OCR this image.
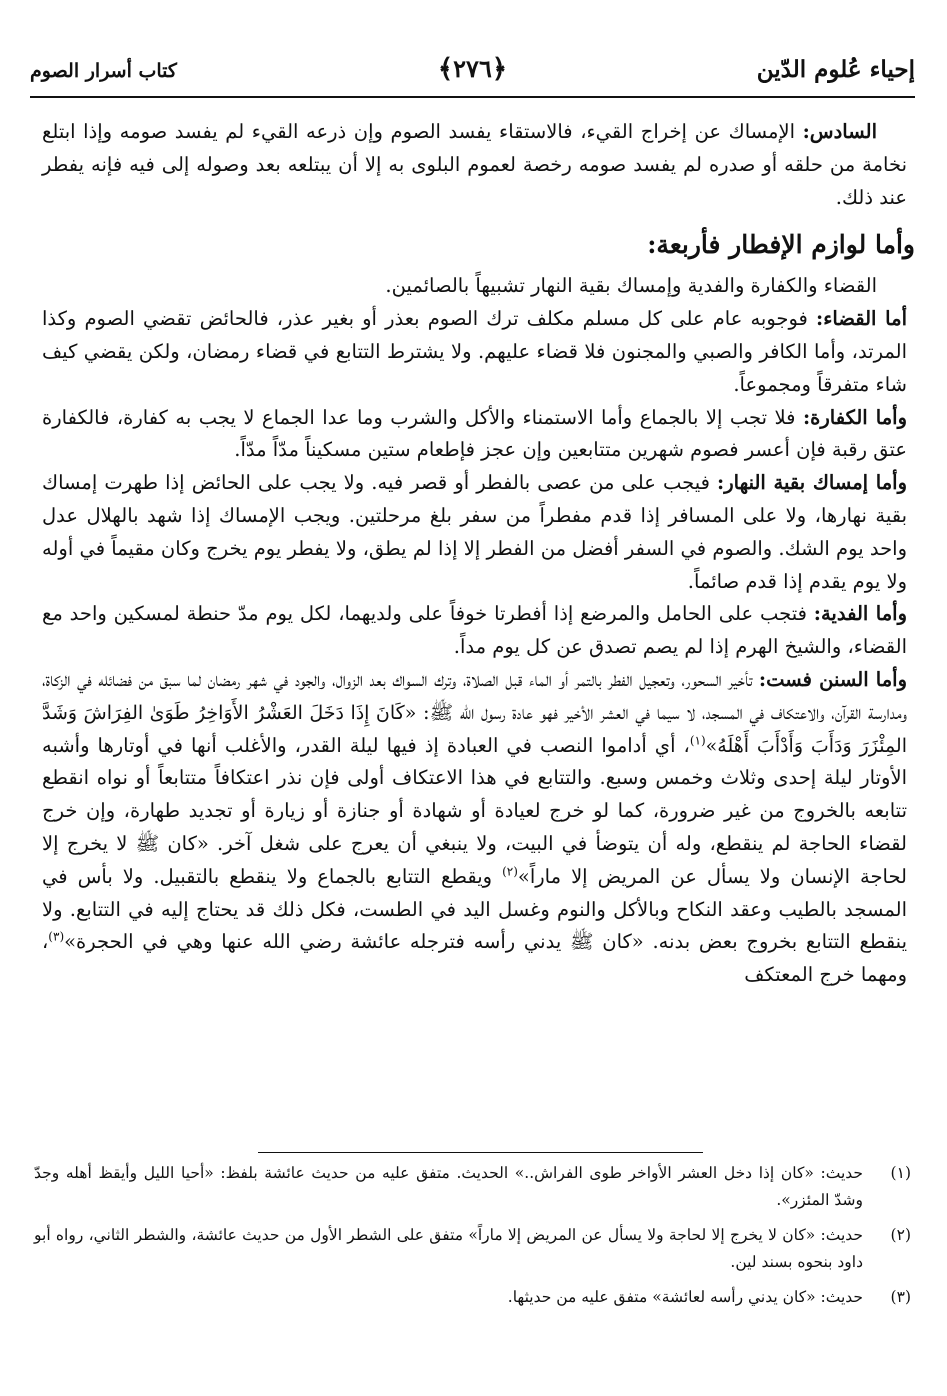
إحياء عُلوم الدّين
﴿٢٧٦﴾
كتاب أسرار الصوم

السادس: الإمساك عن إخراج القيء، فالاستقاء يفسد الصوم وإن ذرعه القيء لم يفسد صومه وإذا ابتلع نخامة من حلقه أو صدره لم يفسد صومه رخصة لعموم البلوى به إلا أن يبتلعه بعد وصوله إلى فيه فإنه يفطر عند ذلك.

وأما لوازم الإفطار فأربعة:

القضاء والكفارة والفدية وإمساك بقية النهار تشبيهاً بالصائمين.

أما القضاء: فوجوبه عام على كل مسلم مكلف ترك الصوم بعذر أو بغير عذر، فالحائض تقضي الصوم وكذا المرتد، وأما الكافر والصبي والمجنون فلا قضاء عليهم. ولا يشترط التتابع في قضاء رمضان، ولكن يقضي كيف شاء متفرقاً ومجموعاً.

وأما الكفارة: فلا تجب إلا بالجماع وأما الاستمناء والأكل والشرب وما عدا الجماع لا يجب به كفارة، فالكفارة عتق رقبة فإن أعسر فصوم شهرين متتابعين وإن عجز فإطعام ستين مسكيناً مدّاً مدّاً.

وأما إمساك بقية النهار: فيجب على من عصى بالفطر أو قصر فيه. ولا يجب على الحائض إذا طهرت إمساك بقية نهارها، ولا على المسافر إذا قدم مفطراً من سفر بلغ مرحلتين. ويجب الإمساك إذا شهد بالهلال عدل واحد يوم الشك. والصوم في السفر أفضل من الفطر إلا إذا لم يطق، ولا يفطر يوم يخرج وكان مقيماً في أوله ولا يوم يقدم إذا قدم صائماً.

وأما الفدية: فتجب على الحامل والمرضع إذا أفطرتا خوفاً على ولديهما، لكل يوم مدّ حنطة لمسكين واحد مع القضاء، والشيخ الهرم إذا لم يصم تصدق عن كل يوم مداً.

وأما السنن فست: تأخير السحور، وتعجيل الفطر بالتمر أو الماء قبل الصلاة، وترك السواك بعد الزوال، والجود في شهر رمضان لما سبق من فضائله في الزكاة، ومدارسة القرآن، والاعتكاف في المسجد، لا سيما في العشر الأخير فهو عادة رسول الله ﷺ: «كَانَ إِذَا دَخَلَ العَشْرُ الأَوَاخِرُ طَوَىٰ الفِرَاشَ وَشَدَّ المِئْزَرَ وَدَأَبَ وَأَدْأَبَ أَهْلَهُ»$^{(١)}$، أي أداموا النصب في العبادة إذ فيها ليلة القدر، والأغلب أنها في أوتارها وأشبه الأوتار ليلة إحدى وثلاث وخمس وسبع. والتتابع في هذا الاعتكاف أولى فإن نذر اعتكافاً متتابعاً أو نواه انقطع تتابعه بالخروج من غير ضرورة، كما لو خرج لعيادة أو شهادة أو جنازة أو زيارة أو تجديد طهارة، وإن خرج لقضاء الحاجة لم ينقطع، وله أن يتوضأ في البيت، ولا ينبغي أن يعرج على شغل آخر. «كان ﷺ لا يخرج إلا لحاجة الإنسان ولا يسأل عن المريض إلا ماراً»$^{(٢)}$ ويقطع التتابع بالجماع ولا ينقطع بالتقبيل. ولا بأس في المسجد بالطيب وعقد النكاح وبالأكل والنوم وغسل اليد في الطست، فكل ذلك قد يحتاج إليه في التتابع. ولا ينقطع التتابع بخروج بعض بدنه. «كان ﷺ يدني رأسه فترجله عائشة رضي الله عنها وهي في الحجرة»$^{(٣)}$، ومهما خرج المعتكف

(١)
حديث: «كان إذا دخل العشر الأواخر طوى الفراش..» الحديث. متفق عليه من حديث عائشة بلفظ: «أحيا الليل وأيقظ أهله وجدّ وشدّ المئزر».
(٢)
حديث: «كان لا يخرج إلا لحاجة ولا يسأل عن المريض إلا ماراً» متفق على الشطر الأول من حديث عائشة، والشطر الثاني، رواه أبو داود بنحوه بسند لين.
(٣)
حديث: «كان يدني رأسه لعائشة» متفق عليه من حديثها.
